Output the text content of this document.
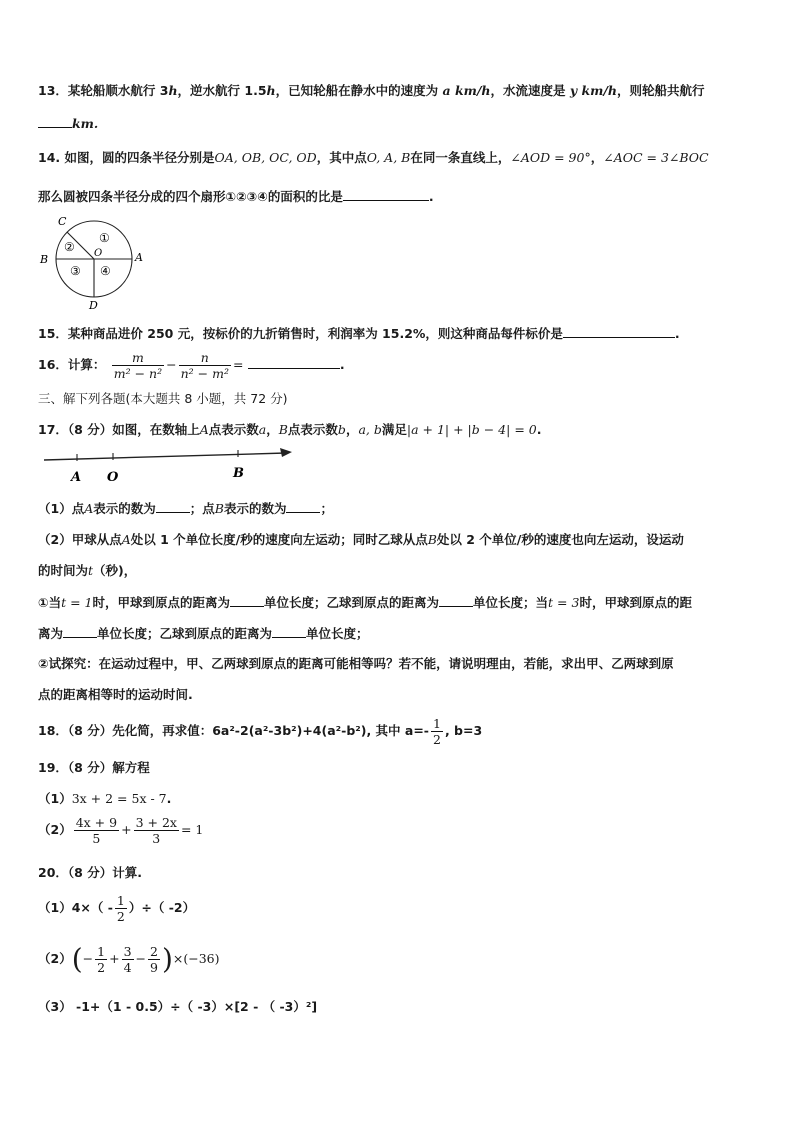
13．某轮船顺水航行 3h，逆水航行 1.5h，已知轮船在静水中的速度为 a km/h，水流速度是 y km/h，则轮船共航行
km.
14. 如图，圆的四条半径分别是OA, OB, OC, OD，其中点O, A, B在同一条直线上，∠AOD = 90°，∠AOC = 3∠BOC
那么圆被四条半径分成的四个扇形①②③④的面积的比是	.
C
B	A
D
O
①
②
③ ④
15．某种商品进价 250 元，按标价的九折销售时，利润率为 15.2%，则这种商品每件标价是	.
16．计算： $\frac{m}{\text{m² − n²}} - \frac{n}{\text{n² − m²}}$ =	.
三、解下列各题(本大题共 8 小题，共 72 分)
17．（8 分）如图，在数轴上A点表示数a，B点表示数b，a, b满足|a + 1| + |b − 4| = 0.
A O	B
（1）点A表示的数为	；点B表示的数为	；
（2）甲球从点A处以 1 个单位长度/秒的速度向左运动；同时乙球从点B处以 2 个单位/秒的速度也向左运动，设运动
的时间为t（秒)，
①当t = 1时，甲球到原点的距离为	单位长度；乙球到原点的距离为	单位长度；当t = 3时，甲球到原点的距
离为	单位长度；乙球到原点的距离为	单位长度；
②试探究：在运动过程中，甲、乙两球到原点的距离可能相等吗？若不能，请说明理由，若能，求出甲、乙两球到原
点的距离相等时的运动时间.
18．（8 分）先化简，再求值：6a²-2(a²-3b²)+4(a²-b²), 其中 $a=- \frac{1}{2}$ , b=3
19．（8 分）解方程
（1）3x + 2 = 5x - 7.
$(2) \frac{4x + 9}{5} + \frac{3 + 2x}{3} = 1$
20．（8 分）计算.
$(1)4\times( - \frac{1}{2}$ ）÷（ -2）
$(2)(- \frac{1}{2} + \frac{3}{4} - \frac{2}{9} )\times(-36)$
（3） -1+（1 - 0.5）÷（ -3）×[2 - （ -3）²]
